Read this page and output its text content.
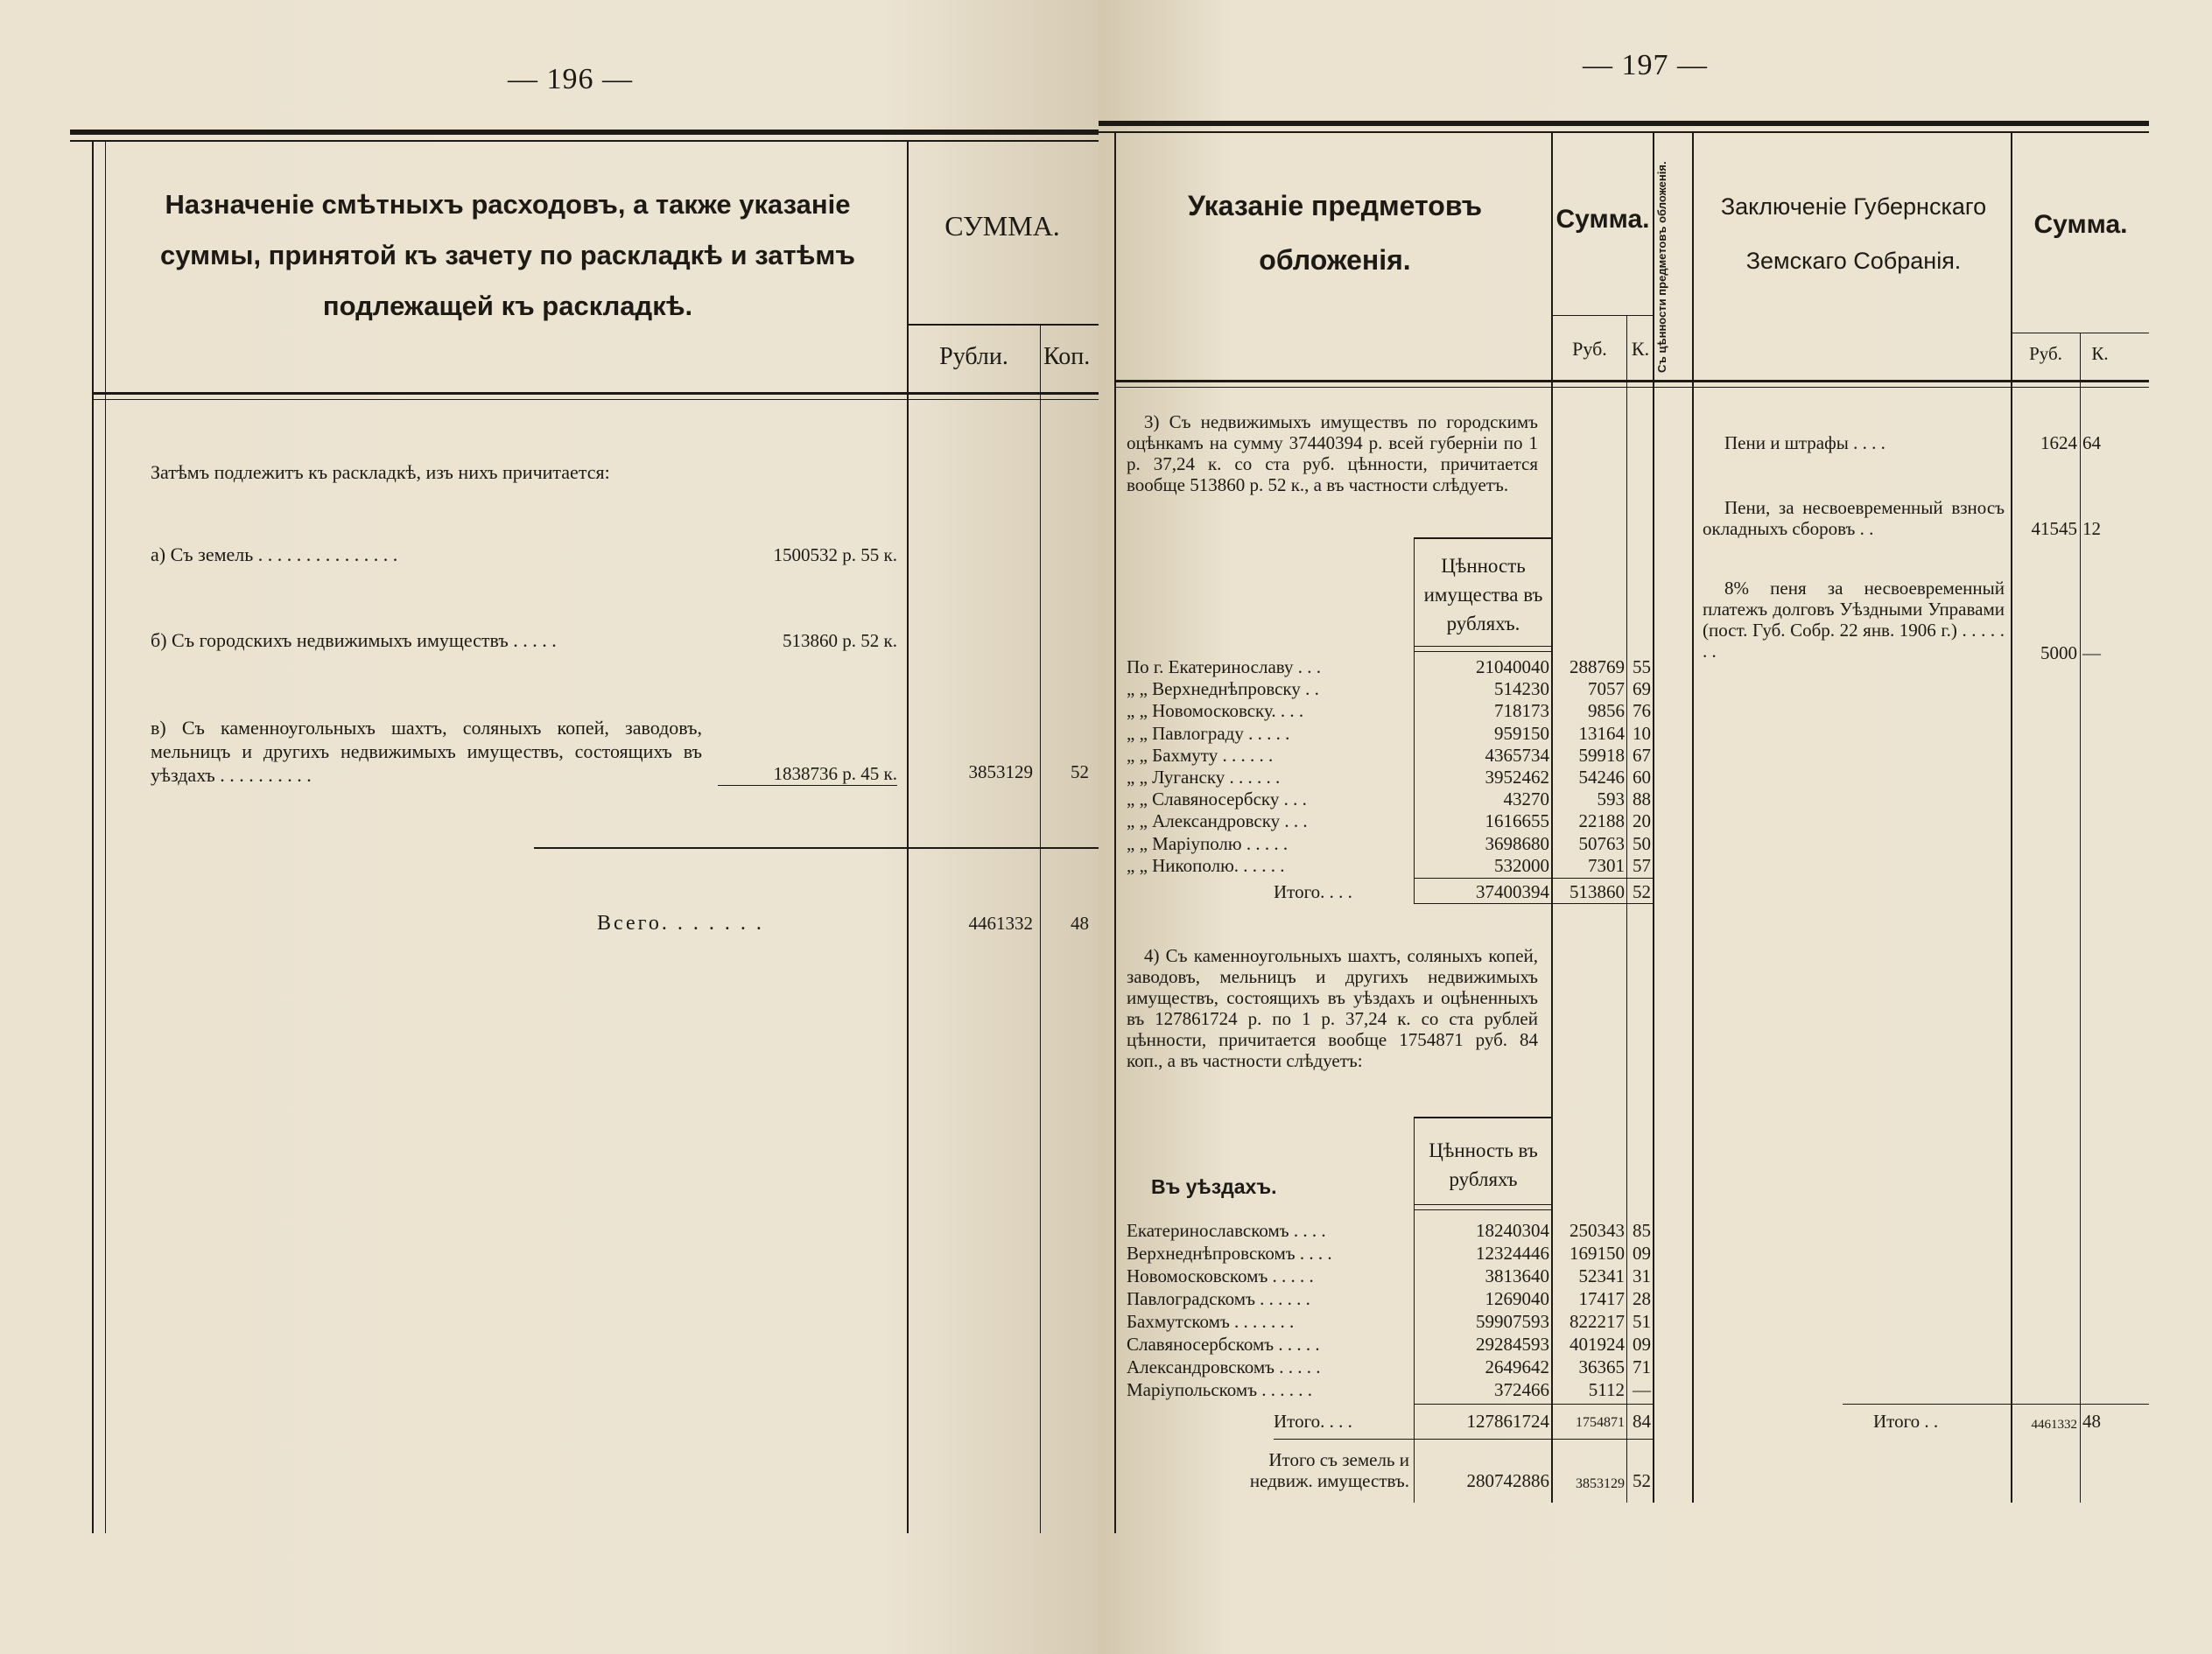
— 196 —
Назначеніе смѣтныхъ расходовъ, а также указаніе суммы, принятой къ зачету по раскладкѣ и затѣмъ подлежащей къ раскладкѣ.
СУММА.
Рубли.	Коп.
Затѣмъ подлежитъ къ раскладкѣ, изъ нихъ причитается:
а) Съ земель . . . . . . . . . . . . . . .	1500532 р. 55 к.
б) Съ городскихъ недвижимыхъ имуществъ . . . . .	513860 р. 52 к.
в) Съ каменноугольныхъ шахтъ, соляныхъ копей, заводовъ, мельницъ и другихъ недвижимыхъ имуществъ, состоящихъ въ уѣздахъ . . . . . . . . . .	1838736 р. 45 к.	3853129	52
Всего. . . . . . .	4461332	48
— 197 —
Указаніе предметовъ обложенія.
Сумма.
Руб.	К. Съ цѣнности предметовъ обложенія.	Заключеніе Губернскаго Земскаго Собранія.
Сумма.
Руб.	К.
3) Съ недвижимыхъ имуществъ по городскимъ оцѣнкамъ на сумму 37440394 р. всей губерніи по 1 р. 37,24 к. со ста руб. цѣнности, причитается вообще 513860 р. 52 к., а въ частности слѣдуетъ.
Цѣнность имущества въ рубляхъ.
По г. Екатеринославу . . .	21040040	288769 55
„ „ Верхнеднѣпровску . .	514230	7057 69
„ „ Новомосковску. . . .	718173	9856 76
„ „ Павлограду . . . . .	959150	13164 10
„ „ Бахмуту . . . . . .	4365734	59918 67
„ „ Луганску . . . . . .	3952462	54246 60
„ „ Славяносербску . . .	43270	593 88
„ „ Александровску . . .	1616655	22188 20
„ „ Маріуполю . . . . .	3698680	50763 50
„ „ Никополю. . . . . .	532000	7301 57
Итого. . . .	37400394	513860 52
4) Съ каменноугольныхъ шахтъ, соляныхъ копей, заводовъ, мельницъ и другихъ недвижимыхъ имуществъ, состоящихъ въ уѣздахъ и оцѣненныхъ въ 127861724 р. по 1 р. 37,24 к. со ста рублей цѣнности, причитается вообще 1754871 руб. 84 коп., а въ частности слѣдуетъ:
Цѣнность въ рубляхъ
Въ уѣздахъ.
Екатеринославскомъ . . . .	18240304	250343 85
Верхнеднѣпровскомъ . . . .	12324446	169150 09
Новомосковскомъ . . . . .	3813640	52341 31
Павлоградскомъ . . . . . .	1269040	17417 28
Бахмутскомъ . . . . . . .	59907593	822217 51
Славяносербскомъ . . . . .	29284593	401924 09
Александровскомъ . . . . .	2649642	36365 71
Маріупольскомъ . . . . . .	372466	5112 —
Итого. . . .	127861724	1754871 84
Итого съ земель и недвиж. имуществъ.	280742886	3853129 52
Пени и штрафы . . . .	1624 64
Пени, за несвоевременный взносъ окладныхъ сборовъ . .	41545 12
8% пеня за несвоевременный платежъ долговъ Уѣздными Управами (пост. Губ. Собр. 22 янв. 1906 г.) . . . . . . .	5000 —
Итого . .	4461332 48
